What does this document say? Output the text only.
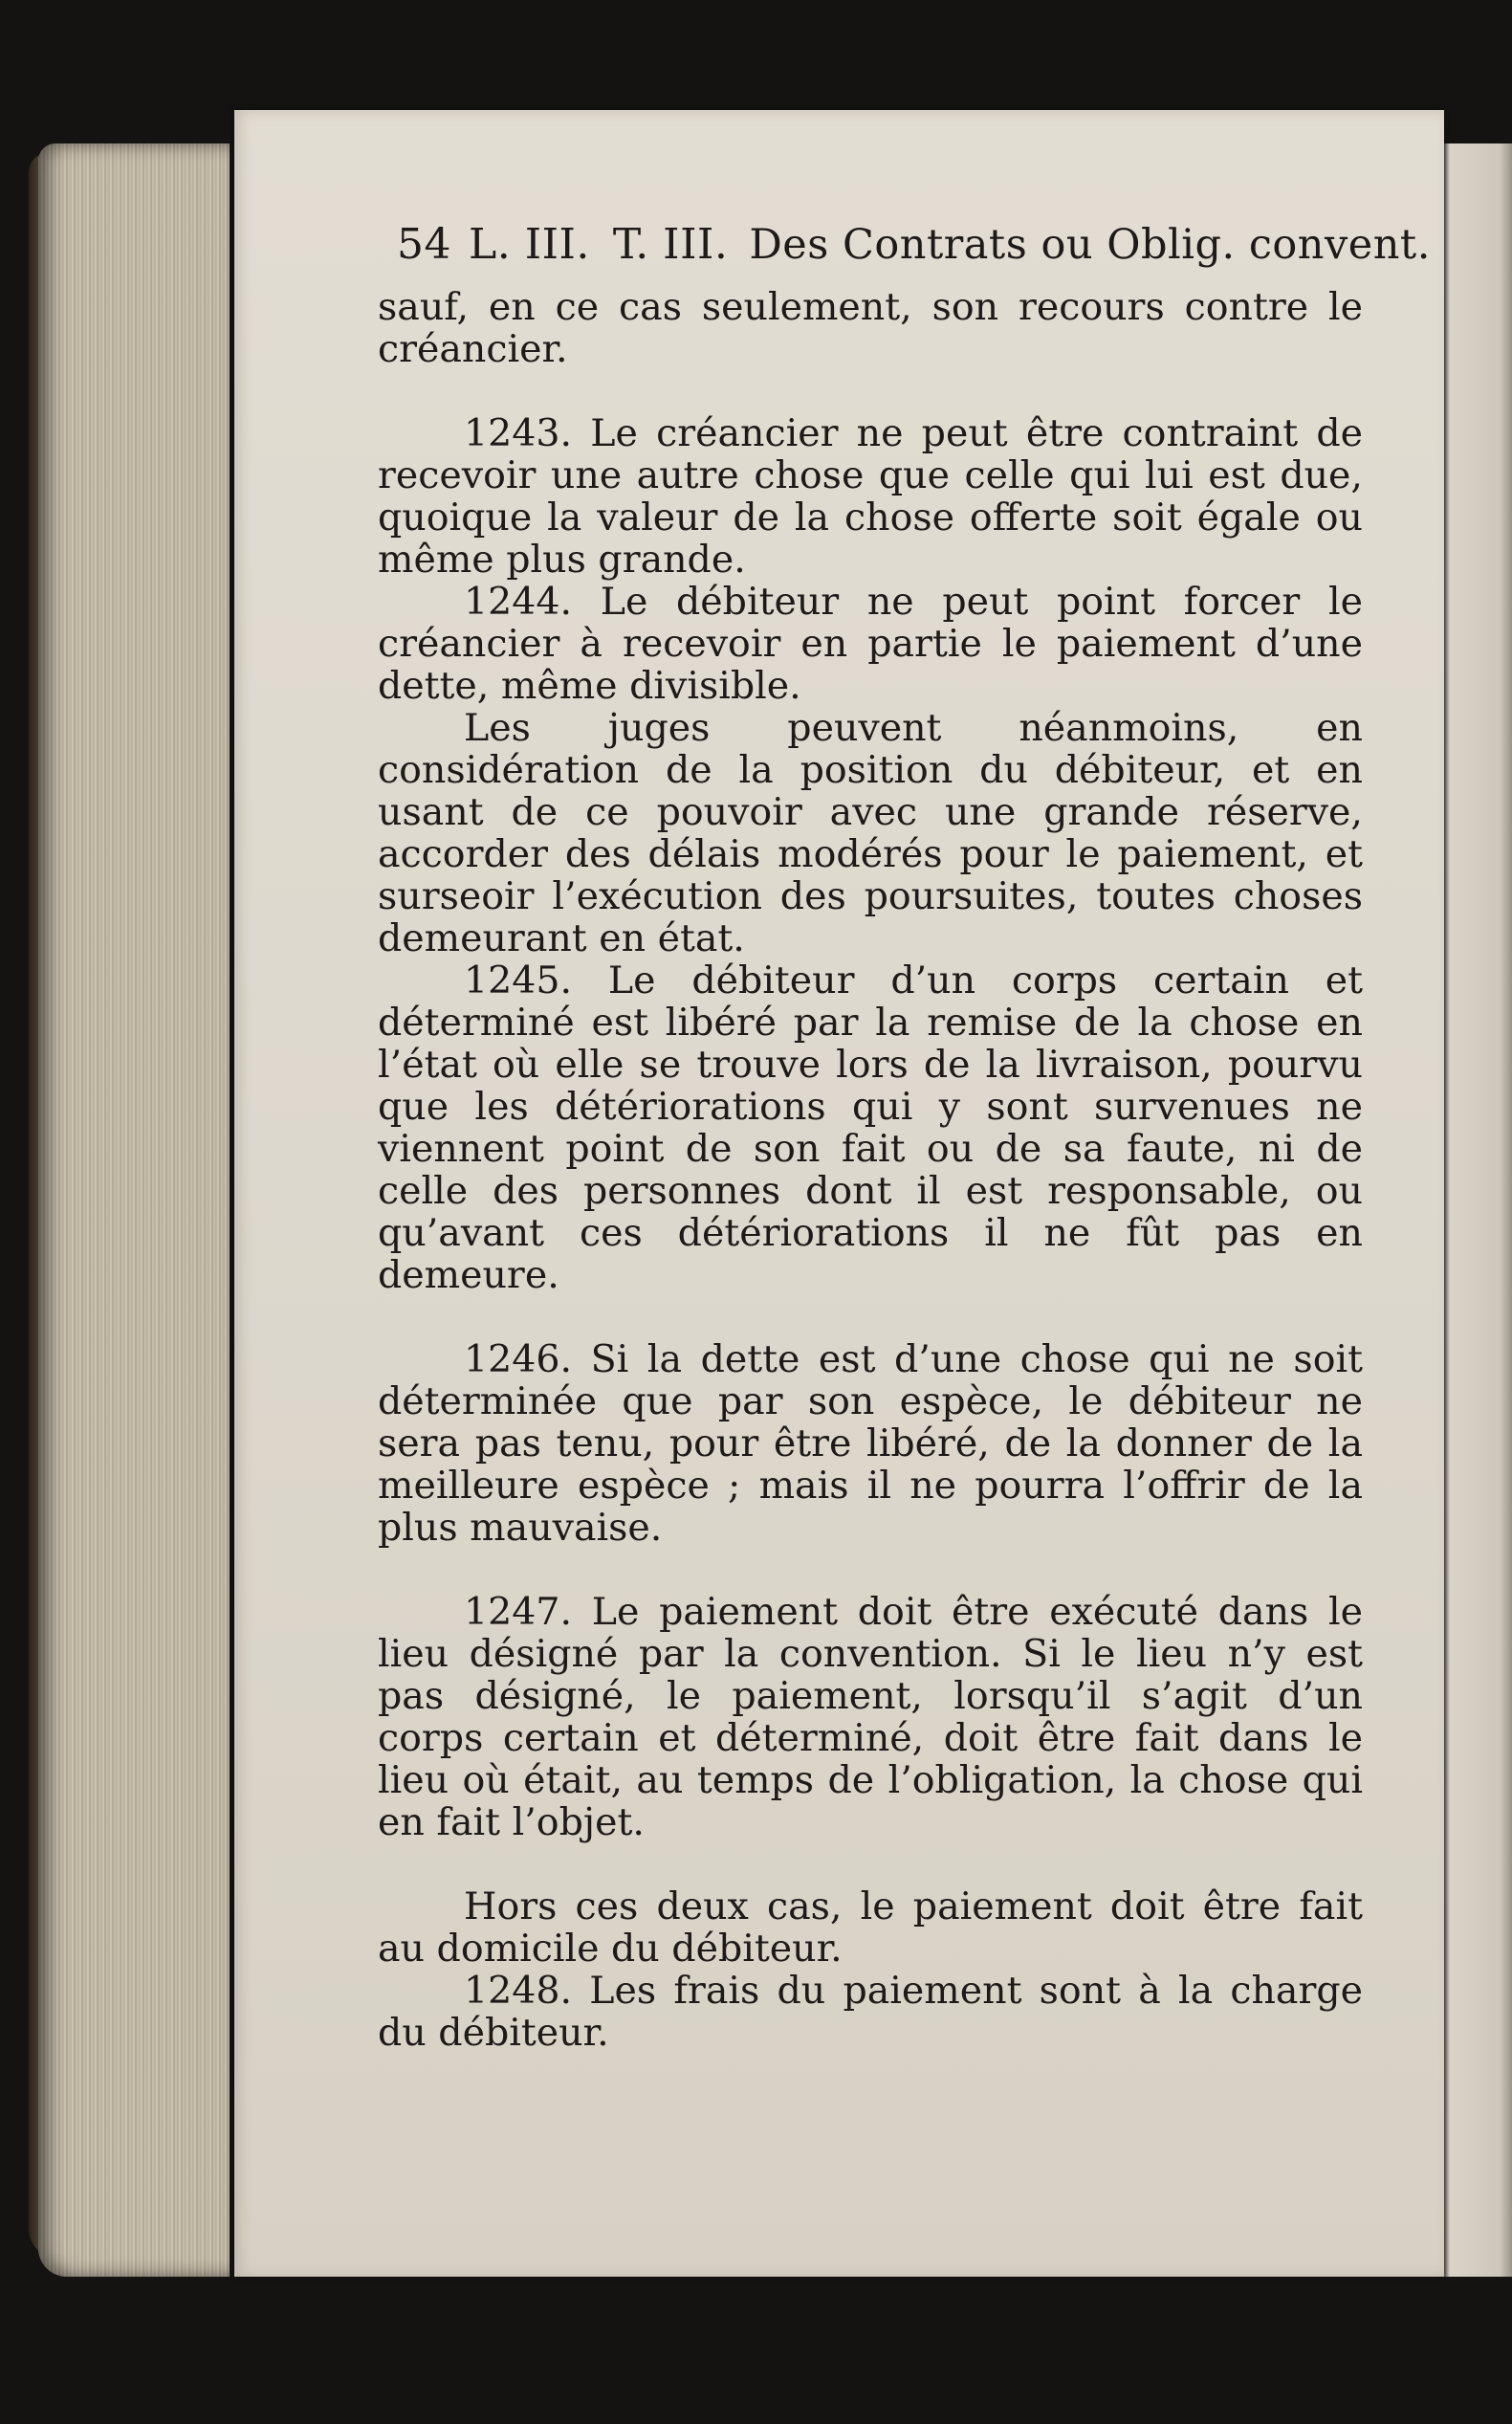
54 L. III. T. III. Des Contrats ou Oblig. convent.

sauf, en ce cas seulement, son recours contre le créancier.

1243. Le créancier ne peut être contraint de recevoir une autre chose que celle qui lui est due, quoique la valeur de la chose offerte soit égale ou même plus grande.

1244. Le débiteur ne peut point forcer le créancier à recevoir en partie le paiement d’une dette, même divisible.

Les juges peuvent néanmoins, en considération de la position du débiteur, et en usant de ce pouvoir avec une grande réserve, accorder des délais modérés pour le paiement, et surseoir l’exécution des poursuites, toutes choses demeurant en état.

1245. Le débiteur d’un corps certain et déterminé est libéré par la remise de la chose en l’état où elle se trouve lors de la livraison, pourvu que les détériorations qui y sont survenues ne viennent point de son fait ou de sa faute, ni de celle des personnes dont il est responsable, ou qu’avant ces détériorations il ne fût pas en demeure.

1246. Si la dette est d’une chose qui ne soit déterminée que par son espèce, le débiteur ne sera pas tenu, pour être libéré, de la donner de la meilleure espèce ; mais il ne pourra l’offrir de la plus mauvaise.

1247. Le paiement doit être exécuté dans le lieu désigné par la convention. Si le lieu n’y est pas désigné, le paiement, lorsqu’il s’agit d’un corps certain et déterminé, doit être fait dans le lieu où était, au temps de l’obligation, la chose qui en fait l’objet.

Hors ces deux cas, le paiement doit être fait au domicile du débiteur.

1248. Les frais du paiement sont à la charge du débiteur.
